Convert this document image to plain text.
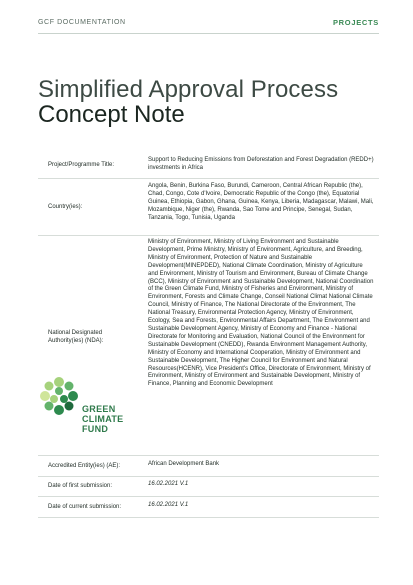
GCF DOCUMENTATION	PROJECTS
Simplified Approval Process
Concept Note
Project/Programme Title:
Support to Reducing Emissions from Deforestation and Forest Degradation (REDD+) investments in Africa
Country(ies):
Angola, Benin, Burkina Faso, Burundi, Cameroon, Central African Republic (the), Chad, Congo, Cote d'Ivoire, Democratic Republic of the Congo (the), Equatorial Guinea, Ethiopia, Gabon, Ghana, Guinea, Kenya, Liberia, Madagascar, Malawi, Mali, Mozambique, Niger (the), Rwanda, Sao Tome and Principe, Senegal, Sudan, Tanzania, Togo, Tunisia, Uganda
National Designated Authority(ies) (NDA):
Ministry of Environment, Ministry of Living Environment and Sustainable Development, Prime Ministry, Ministry of Environment, Agriculture, and Breeding, Ministry of Environment, Protection of Nature and Sustainable Development(MINEPDED), National Climate Coordination, Ministry of Agriculture and Environment, Ministry of Tourism and Environment, Bureau of Climate Change (BCC), Ministry of Environment and Sustainable Development, National Coordination of the Green Climate Fund, Ministry of Fisheries and Environment, Ministry of Environment, Forests and Climate Change, Conseil National Climat National Climate Council, Ministry of Finance, The National Directorate of the Environment, The National Treasury, Environmental Protection Agency, Ministry of Environment, Ecology, Sea and Forests, Environmental Affairs Department, The Environment and Sustainable Development Agency, Ministry of Economy and Finance - National Directorate for Monitoring and Evaluation, National Council of the Environment for Sustainable Development (CNEDD), Rwanda Environment Management Authority, Ministry of Economy and International Cooperation, Ministry of Environment and Sustainable Development, The Higher Council for Environment and Natural Resources(HCENR), Vice President's Office, Directorate of Environment, Ministry of Environment, Ministry of Environment and Sustainable Development, Ministry of Finance, Planning and Economic Development
GREEN
CLIMATE
FUND
Accredited Entity(ies) (AE):	African Development Bank
Date of first submission:	16.02.2021 V.1
Date of current submission:	16.02.2021 V.1
